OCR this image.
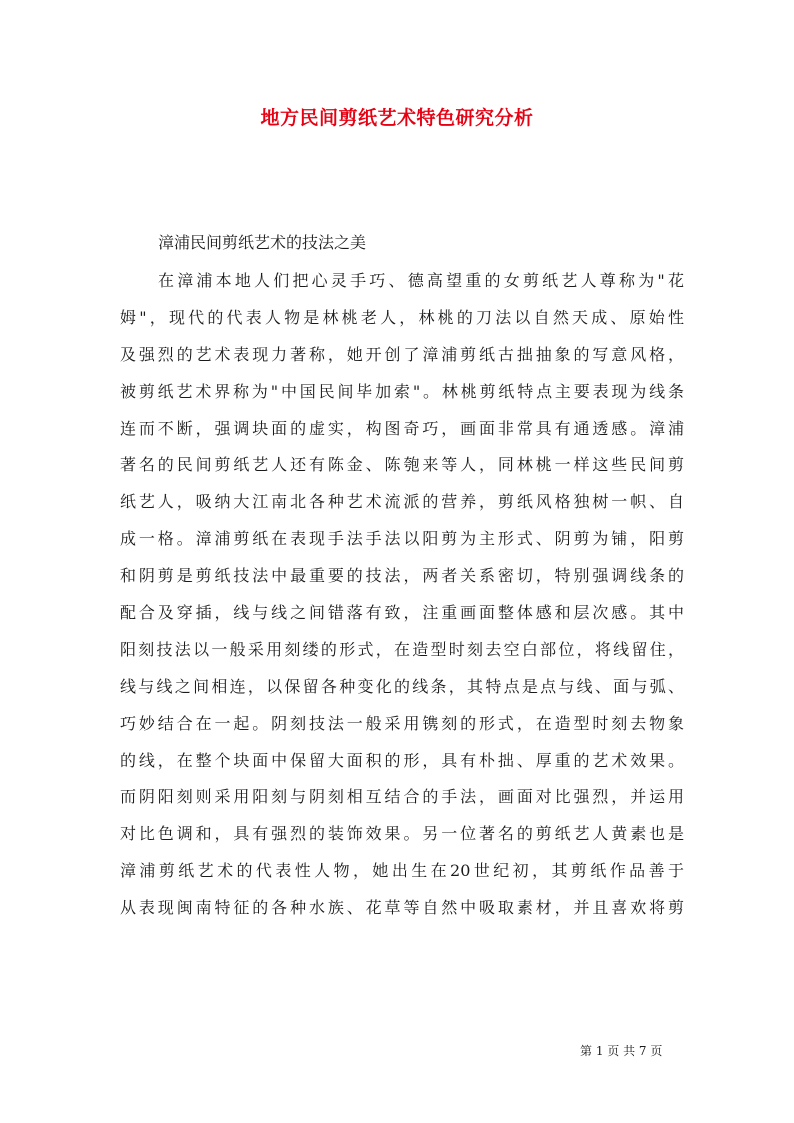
地方民间剪纸艺术特色研究分析
漳浦民间剪纸艺术的技法之美
在漳浦本地人们把心灵手巧、德高望重的女剪纸艺人尊称为"花
姆"，现代的代表人物是林桃老人，林桃的刀法以自然天成、原始性
及强烈的艺术表现力著称，她开创了漳浦剪纸古拙抽象的写意风格，
被剪纸艺术界称为"中国民间毕加索"。林桃剪纸特点主要表现为线条
连而不断，强调块面的虚实，构图奇巧，画面非常具有通透感。漳浦
著名的民间剪纸艺人还有陈金、陈匏来等人，同林桃一样这些民间剪
纸艺人，吸纳大江南北各种艺术流派的营养，剪纸风格独树一帜、自
成一格。漳浦剪纸在表现手法手法以阳剪为主形式、阴剪为铺，阳剪
和阴剪是剪纸技法中最重要的技法，两者关系密切，特别强调线条的
配合及穿插，线与线之间错落有致，注重画面整体感和层次感。其中
阳刻技法以一般采用刻缕的形式，在造型时刻去空白部位，将线留住，
线与线之间相连，以保留各种变化的线条，其特点是点与线、面与弧、
巧妙结合在一起。阴刻技法一般采用镌刻的形式，在造型时刻去物象
的线，在整个块面中保留大面积的形，具有朴拙、厚重的艺术效果。
而阴阳刻则采用阳刻与阴刻相互结合的手法，画面对比强烈，并运用
对比色调和，具有强烈的装饰效果。另一位著名的剪纸艺人黄素也是
漳浦剪纸艺术的代表性人物，她出生在20世纪初，其剪纸作品善于
从表现闽南特征的各种水族、花草等自然中吸取素材，并且喜欢将剪
第 1 页 共 7 页
